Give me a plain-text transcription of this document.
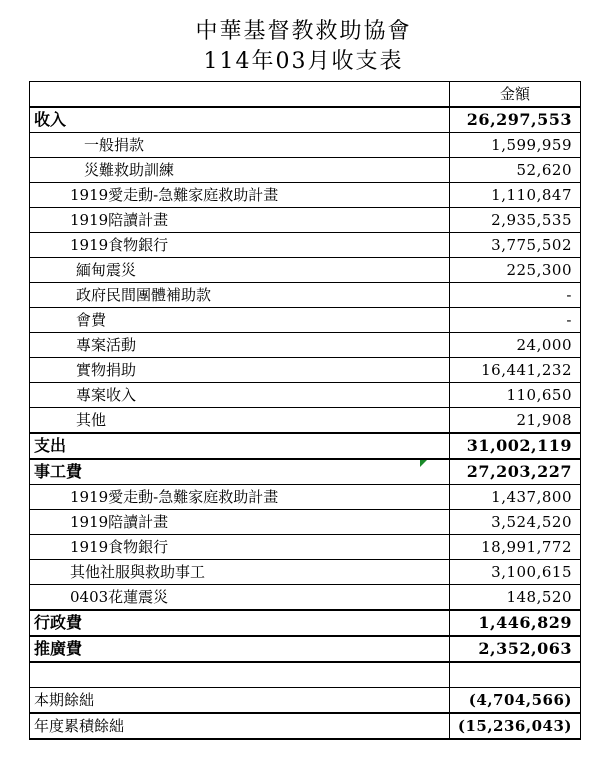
中華基督教救助協會
114年03月收支表
	金額
收入	26,297,553
一般捐款	1,599,959
災難救助訓練	52,620
1919愛走動-急難家庭救助計畫	1,110,847
1919陪讀計畫	2,935,535
1919食物銀行	3,775,502
緬甸震災	225,300
政府民間團體補助款	-
會費	-
專案活動	24,000
實物捐助	16,441,232
專案收入	110,650
其他	21,908
支出	31,002,119
事工費	27,203,227
1919愛走動-急難家庭救助計畫	1,437,800
1919陪讀計畫	3,524,520
1919食物銀行	18,991,772
其他社服與救助事工	3,100,615
0403花蓮震災	148,520
行政費	1,446,829
推廣費	2,352,063

本期餘絀	(4,704,566)
年度累積餘絀	(15,236,043)
